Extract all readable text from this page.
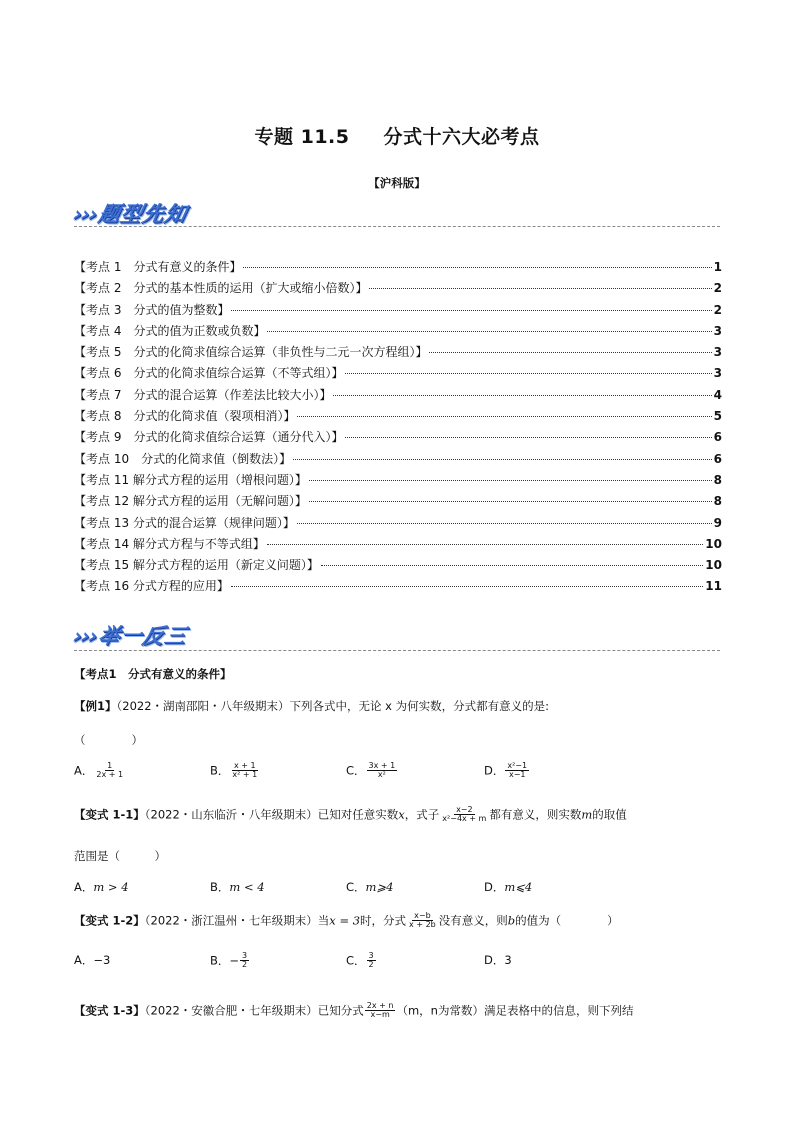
专题 11.5 分式十六大必考点
【沪科版】
›››题型先知
【考点 1　分式有意义的条件】	1
【考点 2　分式的基本性质的运用（扩大或缩小倍数）】	2
【考点 3　分式的值为整数】	2
【考点 4　分式的值为正数或负数】	3
【考点 5　分式的化简求值综合运算（非负性与二元一次方程组）】	3
【考点 6　分式的化简求值综合运算（不等式组）】	3
【考点 7　分式的混合运算（作差法比较大小）】	4
【考点 8　分式的化简求值（裂项相消）】	5
【考点 9　分式的化简求值综合运算（通分代入）】	6
【考点 10　分式的化简求值（倒数法）】	6
【考点 11 解分式方程的运用（增根问题）】	8
【考点 12 解分式方程的运用（无解问题）】	8
【考点 13 分式的混合运算（规律问题）】	9
【考点 14 解分式方程与不等式组】	10
【考点 15 解分式方程的运用（新定义问题）】	10
【考点 16 分式方程的应用】	11
›››举一反三
【考点1　分式有意义的条件】
【例1】（2022・湖南邵阳・八年级期末）下列各式中，无论 x 为何实数，分式都有意义的是:
（　　　　）
A． $\frac{1}{2x + 1}$	B． $\frac{x + 1}{\text{x² + 1}}$	C． $\frac{3x + 1}{\text{x²}}$	D． $\frac{\text{x²−1}}{x-1}$
【变式 1-1】（2022・山东临沂・八年级期末）已知对任意实数x，式子 $\frac{x-2}{\text{x²−4x + m}}$ 都有意义，则实数m的取值
范围是（　　　）
A．m > 4	B．m < 4	C．m⩾4	D．m⩽4
【变式 1-2】（2022・浙江温州・七年级期末）当x = 3时，分式 $\frac{x-b}{x + 2b}$ 没有意义，则b的值为（　　　　）
A．−3	B．− $\frac{3}{2}$	C． $\frac{3}{2}$	D．3
【变式 1-3】（2022・安徽合肥・七年级期末）已知分式 $\frac{2x + n}{x-m} (m$，n为常数）满足表格中的信息，则下列结
